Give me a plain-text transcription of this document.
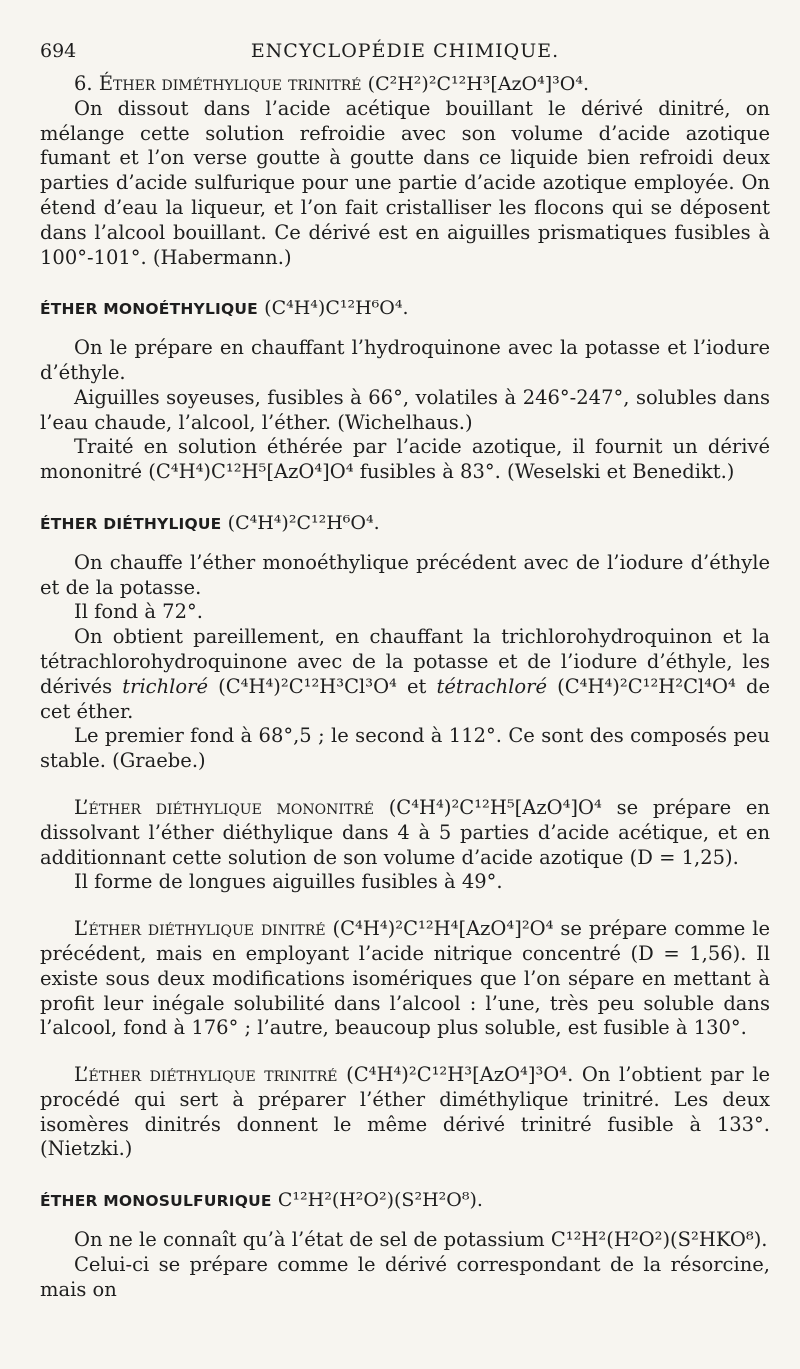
694	ENCYCLOPÉDIE CHIMIQUE.

6. Éther diméthylique trinitré (C²H²)²C¹²H³[AzO⁴]³O⁴.

On dissout dans l’acide acétique bouillant le dérivé dinitré, on mélange cette solution refroidie avec son volume d’acide azotique fumant et l’on verse goutte à goutte dans ce liquide bien refroidi deux parties d’acide sulfurique pour une partie d’acide azotique employée. On étend d’eau la liqueur, et l’on fait cristalliser les flocons qui se déposent dans l’alcool bouillant. Ce dérivé est en aiguilles prismatiques fusibles à 100°-101°. (Habermann.)

ÉTHER MONOÉTHYLIQUE (C⁴H⁴)C¹²H⁶O⁴.

On le prépare en chauffant l’hydroquinone avec la potasse et l’iodure d’éthyle.

Aiguilles soyeuses, fusibles à 66°, volatiles à 246°-247°, solubles dans l’eau chaude, l’alcool, l’éther. (Wichelhaus.)

Traité en solution éthérée par l’acide azotique, il fournit un dérivé mononitré (C⁴H⁴)C¹²H⁵[AzO⁴]O⁴ fusibles à 83°. (Weselski et Benedikt.)

ÉTHER DIÉTHYLIQUE (C⁴H⁴)²C¹²H⁶O⁴.

On chauffe l’éther monoéthylique précédent avec de l’iodure d’éthyle et de la potasse.

Il fond à 72°.

On obtient pareillement, en chauffant la trichlorohydroquinon et la tétrachlorohydroquinone avec de la potasse et de l’iodure d’éthyle, les dérivés trichloré (C⁴H⁴)²C¹²H³Cl³O⁴ et tétrachloré (C⁴H⁴)²C¹²H²Cl⁴O⁴ de cet éther.

Le premier fond à 68°,5 ; le second à 112°. Ce sont des composés peu stable. (Graebe.)

L’éther diéthylique mononitré (C⁴H⁴)²C¹²H⁵[AzO⁴]O⁴ se prépare en dissolvant l’éther diéthylique dans 4 à 5 parties d’acide acétique, et en additionnant cette solution de son volume d’acide azotique (D = 1,25).

Il forme de longues aiguilles fusibles à 49°.

L’éther diéthylique dinitré (C⁴H⁴)²C¹²H⁴[AzO⁴]²O⁴ se prépare comme le précédent, mais en employant l’acide nitrique concentré (D = 1,56). Il existe sous deux modifications isomériques que l’on sépare en mettant à profit leur inégale solubilité dans l’alcool : l’une, très peu soluble dans l’alcool, fond à 176° ; l’autre, beaucoup plus soluble, est fusible à 130°.

L’éther diéthylique trinitré (C⁴H⁴)²C¹²H³[AzO⁴]³O⁴. On l’obtient par le procédé qui sert à préparer l’éther diméthylique trinitré. Les deux isomères dinitrés donnent le même dérivé trinitré fusible à 133°. (Nietzki.)

ÉTHER MONOSULFURIQUE C¹²H²(H²O²)(S²H²O⁸).

On ne le connaît qu’à l’état de sel de potassium C¹²H²(H²O²)(S²HKO⁸).

Celui-ci se prépare comme le dérivé correspondant de la résorcine, mais on
